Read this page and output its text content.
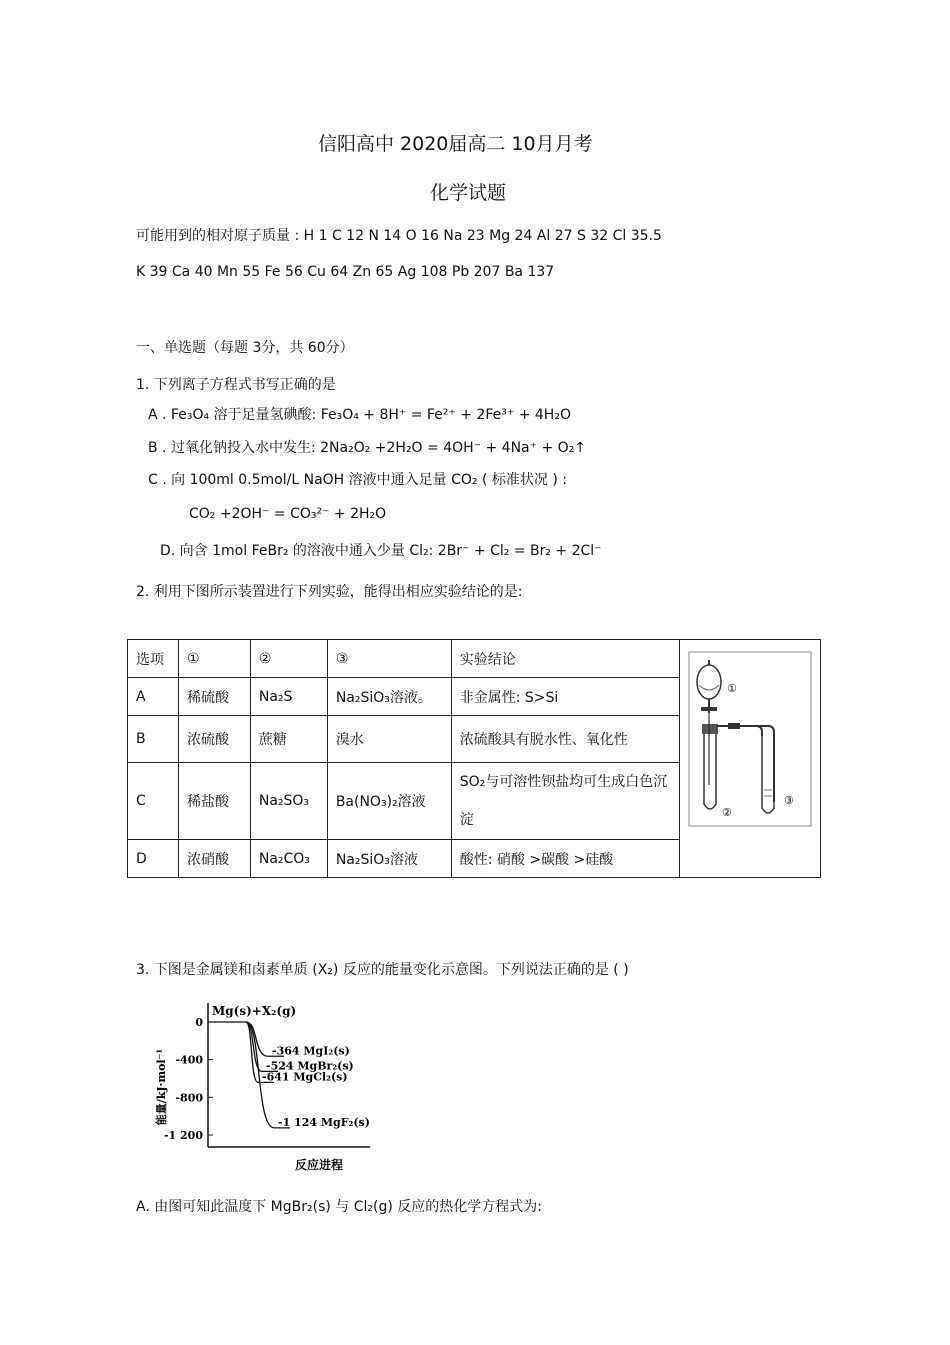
信阳高中 2020届高二 10月月考
化学试题
可能用到的相对原子质量 : H 1 C 12 N 14 O 16 Na 23 Mg 24 Al 27 S 32 Cl 35.5
K 39 Ca 40 Mn 55 Fe 56 Cu 64 Zn 65 Ag 108 Pb 207 Ba 137
一、单选题（每题 3分，共 60分）
1. 下列离子方程式书写正确的是
A . Fe₃O₄ 溶于足量氢碘酸: Fe₃O₄ + 8H⁺ = Fe²⁺ + 2Fe³⁺ + 4H₂O
B . 过氧化钠投入水中发生: 2Na₂O₂ +2H₂O = 4OH⁻ + 4Na⁺ + O₂↑
C . 向 100ml 0.5mol/L NaOH 溶液中通入足量 CO₂ ( 标准状况 ) :
CO₂ +2OH⁻ = CO₃²⁻ + 2H₂O
D. 向含 1mol FeBr₂ 的溶液中通入少量 Cl₂: 2Br⁻ + Cl₂ = Br₂ + 2Cl⁻
2. 利用下图所示装置进行下列实验，能得出相应实验结论的是:
选项	①	②	③	实验结论	①
②
③

A	稀硫酸	Na₂S	Na₂SiO₃溶液。	非金属性: S>Si	
B	浓硫酸	蔗糖	溴水	浓硫酸具有脱水性、氧化性	
C	稀盐酸	Na₂SO₃	Ba(NO₃)₂溶液	SO₂与可溶性钡盐均可生成白色沉淀	
D	浓硝酸	Na₂CO₃	Na₂SiO₃溶液	酸性: 硝酸 >碳酸 >硅酸	
3. 下图是金属镁和卤素单质 (X₂) 反应的能量变化示意图。下列说法正确的是 ( )
0
-400
-800
-1 200
-364 MgI₂(s)
-524 MgBr₂(s)
-641 MgCl₂(s)
-1 124 MgF₂(s)
Mg(s)+X₂(g)
反应进程
能量/kJ·mol⁻¹
A. 由图可知此温度下 MgBr₂(s) 与 Cl₂(g) 反应的热化学方程式为:
